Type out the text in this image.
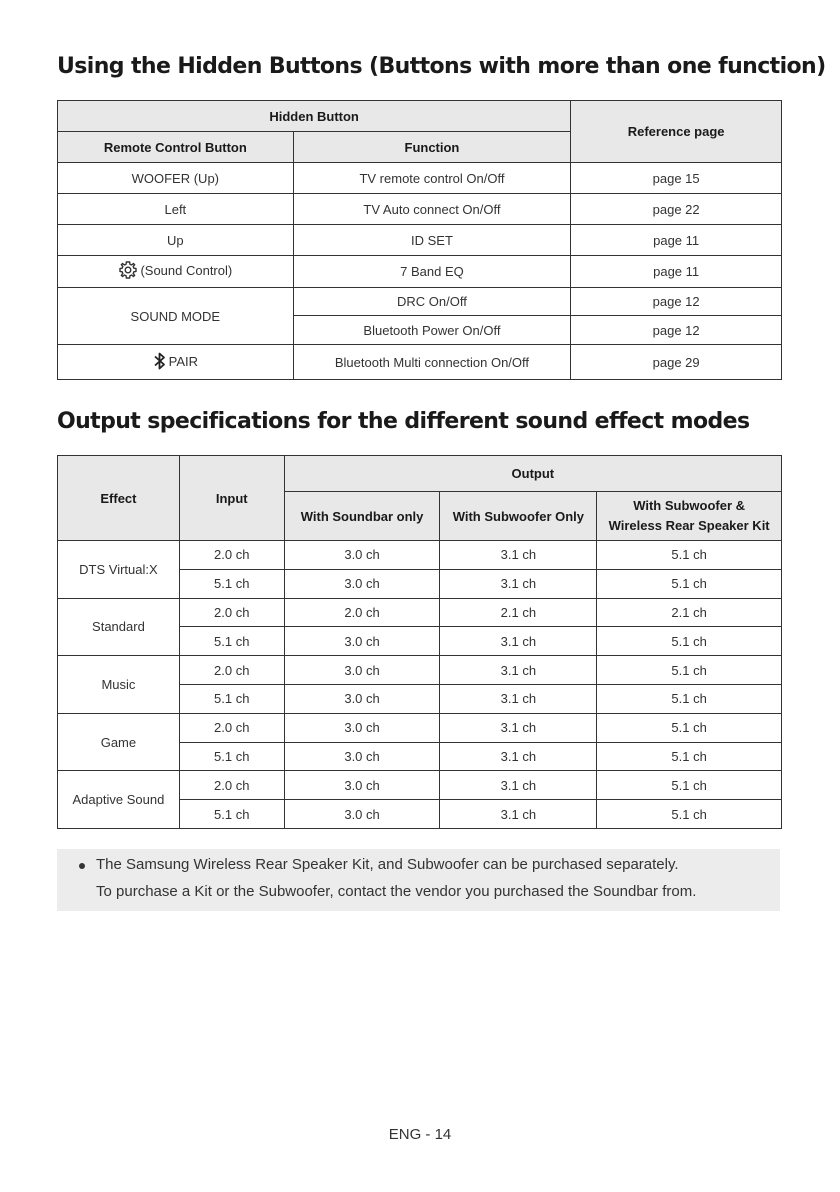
Using the Hidden Buttons (Buttons with more than one function)
Hidden Button		Reference page
Remote Control Button	Function	
WOOFER (Up)	TV remote control On/Off	page 15
Left	TV Auto connect On/Off	page 22
Up	ID SET	page 11
(Sound Control)	7 Band EQ	page 11
SOUND MODE	DRC On/Off	page 12
	Bluetooth Power On/Off	page 12
PAIR	Bluetooth Multi connection On/Off	page 29
Output specifications for the different sound effect modes
Effect	Input	Output		
		With Soundbar only	With Subwoofer Only	With Subwoofer &
Wireless Rear Speaker Kit
DTS Virtual:X	2.0 ch	3.0 ch	3.1 ch	5.1 ch
	5.1 ch	3.0 ch	3.1 ch	5.1 ch
Standard	2.0 ch	2.0 ch	2.1 ch	2.1 ch
	5.1 ch	3.0 ch	3.1 ch	5.1 ch
Music	2.0 ch	3.0 ch	3.1 ch	5.1 ch
	5.1 ch	3.0 ch	3.1 ch	5.1 ch
Game	2.0 ch	3.0 ch	3.1 ch	5.1 ch
	5.1 ch	3.0 ch	3.1 ch	5.1 ch
Adaptive Sound	2.0 ch	3.0 ch	3.1 ch	5.1 ch
	5.1 ch	3.0 ch	3.1 ch	5.1 ch
The Samsung Wireless Rear Speaker Kit, and Subwoofer can be purchased separately.
To purchase a Kit or the Subwoofer, contact the vendor you purchased the Soundbar from.
ENG - 14
